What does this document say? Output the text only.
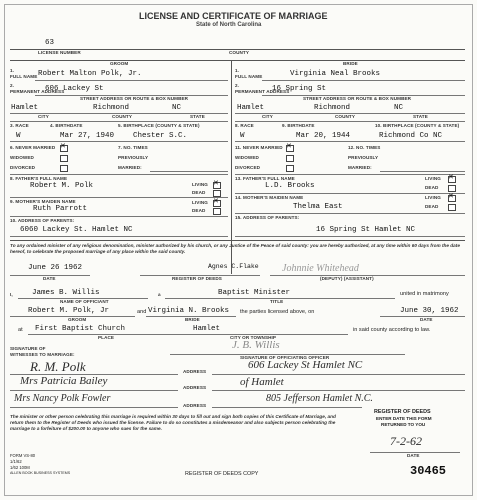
LICENSE AND CERTIFICATE OF MARRIAGE
State of North Carolina
63
LICENSE NUMBER	COUNTY
GROOM	BRIDE
1.
FULL NAME Robert Malton Polk, Jr.
2.
PERMANENT ADDRESS
606 Lackey St
STREET ADDRESS OR ROUTE & BOX NUMBER
Hamlet	Richmond	NC
CITY	COUNTY	STATE
3. RACE	4. BIRTHDATE	5. BIRTHPLACE (COUNTY & STATE)
W	Mar 27, 1940	Chester S.C.
6. NEVER MARRIED ✕
WIDOWED
DIVORCED
7. NO. TIMES
PREVIOUSLY
MARRIED:
8. FATHER'S FULL NAME
Robert M. Polk	LIVING ✕
DEAD
9. MOTHER'S MAIDEN NAME
Ruth Parrott
LIVING ✕
DEAD
10. ADDRESS OF PARENTS:
6060 Lackey St. Hamlet NC
1.
FULL NAME	Virginia Neal Brooks
2.
PERMANENT ADDRESS
16 Spring St
STREET ADDRESS OR ROUTE & BOX NUMBER
Hamlet	Richmond	NC
CITY	COUNTY	STATE
8. RACE	9. BIRTHDATE	10. BIRTHPLACE (COUNTY & STATE)
W	Mar 20, 1944	Richmond Co NC
11. NEVER MARRIED ✕
WIDOWED
DIVORCED
12. NO. TIMES
PREVIOUSLY
MARRIED:
13. FATHER'S FULL NAME
L.D. Brooks
LIVING ✕
DEAD
14. MOTHER'S MAIDEN NAME
Thelma East
LIVING ✕
DEAD
15. ADDRESS OF PARENTS:
16 Spring St Hamlet NC
To any ordained minister of any religious denomination, minister authorized by his church, or any Justice of the Peace of said county: you are hereby authorized, at any time within 60 days from the date hereof, to celebrate the proposed marriage of any place within the said county.
June 26 1962	Agnes C.Flake Johnnie Whitehead
DATE	REGISTER OF DEEDS	(DEPUTY) (ASSISTANT)
I,	James B. Willis	a	Baptist Minister	united in matrimony
NAME OF OFFICIANT	TITLE
Robert M. Polk, Jr	and Virginia N. Brooks the parties licensed above, on	June 30, 1962
GROOM	BRIDE	DATE
at First Baptist Church	Hamlet	in said county according to law.
PLACE	CITY OR TOWNSHIP
SIGNATURE OF
WITNESSES TO MARRIAGE:
J. B. Willis
SIGNATURE OF OFFICIATING OFFICER
R. M. Polk	ADDRESS
606 Lackey St Hamlet NC
Mrs Patricia Bailey
ADDRESS	of Hamlet
Mrs Nancy Polk Fowler
ADDRESS
805 Jefferson Hamlet N.C.
The minister or other person celebrating this marriage is required within 30 days to fill out and sign both copies of this Certificate of Marriage, and return them to the Register of Deeds who issued the license. Failure to do so constitutes a misdemeanor and also subjects person celebrating the marriage to a forfeiture of $200.00 to anyone who sues for the same.
REGISTER OF DEEDS
ENTER DATE THIS FORM
RETURNED TO YOU
7-2-62
DATE
FORM VS-80
1/1/62
1/62 100M
ALLEN BOOK BUSINESS SYSTEMS	REGISTER OF DEEDS COPY	30465
